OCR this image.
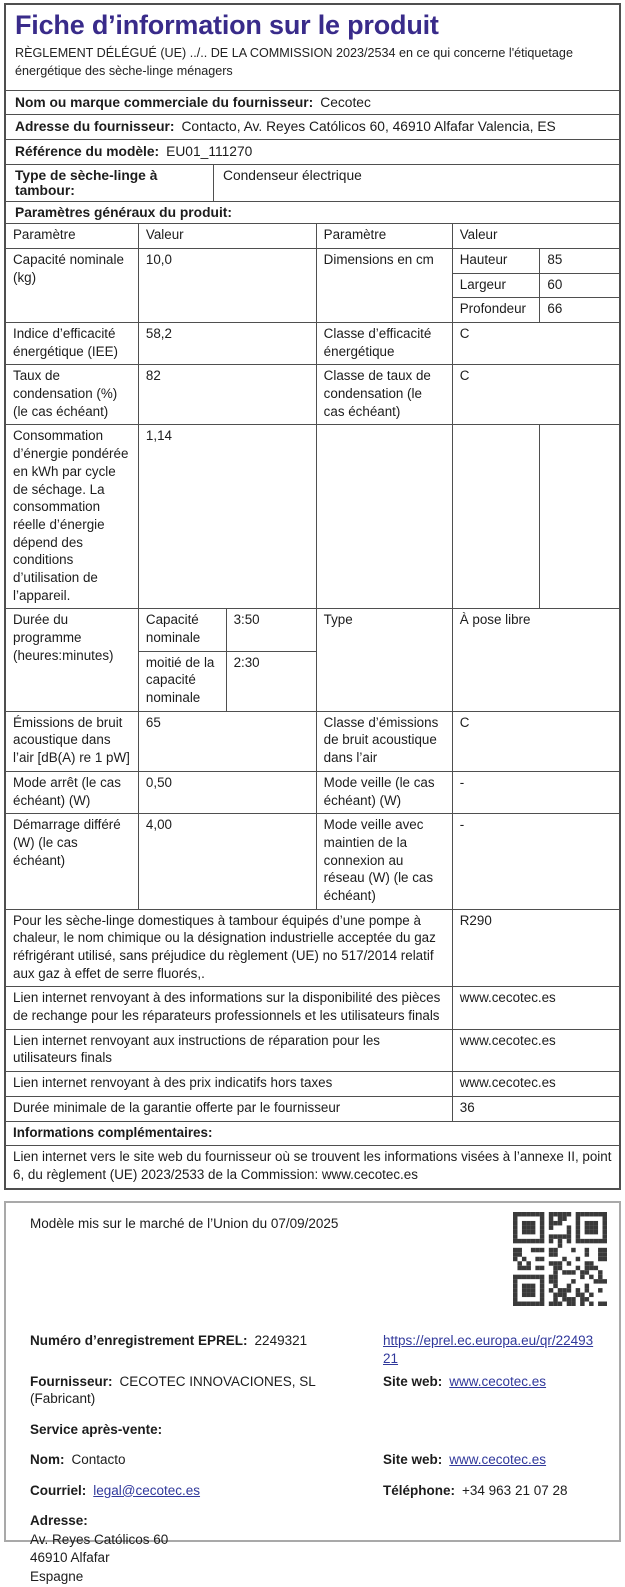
Fiche d’information sur le produit
RÈGLEMENT DÉLÉGUÉ (UE) ../.. DE LA COMMISSION 2023/2534 en ce qui concerne l'étiquetage énergétique des sèche-linge ménagers
Nom ou marque commerciale du fournisseur: Cecotec
Adresse du fournisseur: Contacto, Av. Reyes Católicos 60, 46910 Alfafar Valencia, ES
Référence du modèle: EU01_111270
Type de sèche-linge à tambour:
Condenseur électrique
Paramètres généraux du produit:
Paramètre	Valeur		Paramètre	Valeur	
Capacité nominale (kg)	10,0		Dimensions en cm	Hauteur	85
				Largeur	60
				Profondeur	66
Indice d’efficacité énergétique (IEE)	58,2		Classe d’efficacité énergétique	C	
Taux de condensation (%) (le cas échéant)	82		Classe de taux de condensation (le cas échéant)	C	
Consommation d’énergie pondérée en kWh par cycle de séchage. La consommation réelle d’énergie dépend des conditions d’utilisation de l’appareil.	1,14				
Durée du programme (heures:minutes)	Capacité nominale	3:50	Type	À pose libre	
	moitié de la capacité nominale	2:30			
Émissions de bruit acoustique dans l’air [dB(A) re 1 pW]	65		Classe d’émissions de bruit acoustique dans l’air	C	
Mode arrêt (le cas échéant) (W)	0,50		Mode veille (le cas échéant) (W)	-	
Démarrage différé (W) (le cas échéant)	4,00		Mode veille avec maintien de la connexion au réseau (W) (le cas échéant)	-	
Pour les sèche-linge domestiques à tambour équipés d’une pompe à chaleur, le nom chimique ou la désignation industrielle acceptée du gaz réfrigérant utilisé, sans préjudice du règlement (UE) no 517/2014 relatif aux gaz à effet de serre fluorés,.				R290	
Lien internet renvoyant à des informations sur la disponibilité des pièces de rechange pour les réparateurs professionnels et les utilisateurs finals				www.cecotec.es	
Lien internet renvoyant aux instructions de réparation pour les utilisateurs finals				www.cecotec.es	
Lien internet renvoyant à des prix indicatifs hors taxes				www.cecotec.es	
Durée minimale de la garantie offerte par le fournisseur				36	
Informations complémentaires:					
Lien internet vers le site web du fournisseur où se trouvent les informations visées à l’annexe II, point 6, du règlement (UE) 2023/2533 de la Commission: www.cecotec.es					
Modèle mis sur le marché de l’Union du 07/09/2025
Numéro d’enregistrement EPREL: 2249321	https://eprel.ec.europa.eu/qr/2249321
Fournisseur: CECOTEC INNOVACIONES, SL (Fabricant)
Site web: www.cecotec.es
Service après-vente:
Nom: Contacto	Site web: www.cecotec.es
Courriel: legal@cecotec.es	Téléphone: +34 963 21 07 28
Adresse:
Av. Reyes Católicos 60
46910 Alfafar
Espagne
